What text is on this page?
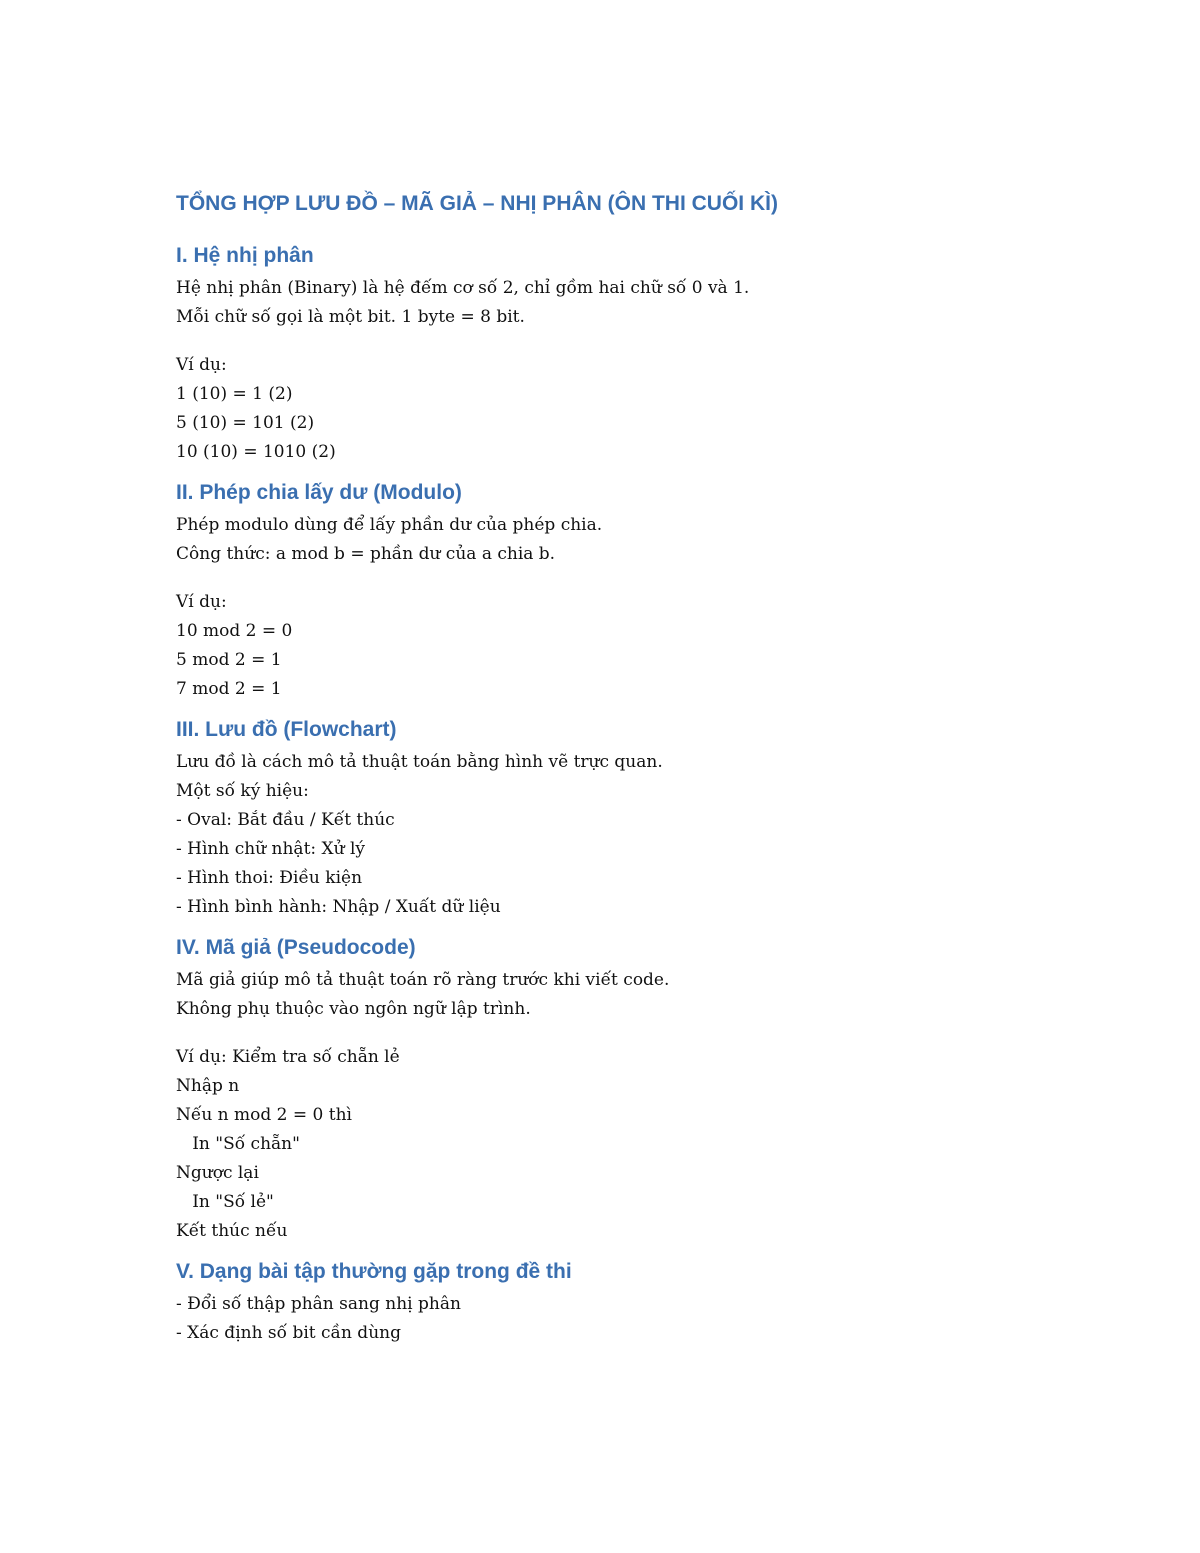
TỔNG HỢP LƯU ĐỒ – MÃ GIẢ – NHỊ PHÂN (ÔN THI CUỐI KÌ)
I. Hệ nhị phân

Hệ nhị phân (Binary) là hệ đếm cơ số 2, chỉ gồm hai chữ số 0 và 1.

Mỗi chữ số gọi là một bit. 1 byte = 8 bit.

Ví dụ:

1 (10) = 1 (2)

5 (10) = 101 (2)

10 (10) = 1010 (2)

II. Phép chia lấy dư (Modulo)

Phép modulo dùng để lấy phần dư của phép chia.

Công thức: a mod b = phần dư của a chia b.

Ví dụ:

10 mod 2 = 0

5 mod 2 = 1

7 mod 2 = 1

III. Lưu đồ (Flowchart)

Lưu đồ là cách mô tả thuật toán bằng hình vẽ trực quan.

Một số ký hiệu:

- Oval: Bắt đầu / Kết thúc

- Hình chữ nhật: Xử lý

- Hình thoi: Điều kiện

- Hình bình hành: Nhập / Xuất dữ liệu

IV. Mã giả (Pseudocode)

Mã giả giúp mô tả thuật toán rõ ràng trước khi viết code.

Không phụ thuộc vào ngôn ngữ lập trình.

Ví dụ: Kiểm tra số chẵn lẻ

Nhập n

Nếu n mod 2 = 0 thì

In "Số chẵn"

Ngược lại

In "Số lẻ"

Kết thúc nếu

V. Dạng bài tập thường gặp trong đề thi

- Đổi số thập phân sang nhị phân

- Xác định số bit cần dùng
